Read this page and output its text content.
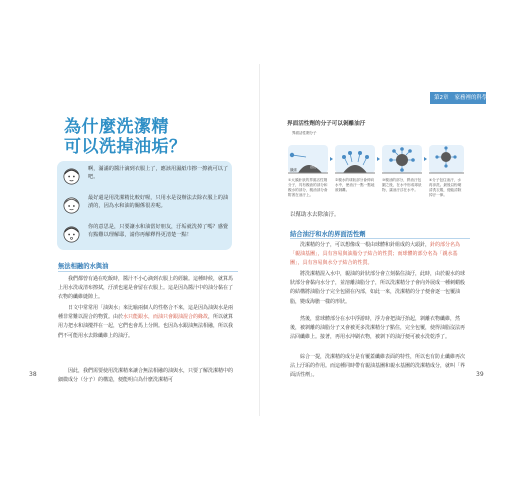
第2章 家務裡的科學
為什麼洗潔精
可以洗掉油垢？
啊，滿滿的醬汁滴到衣服上了，應該用濕紙巾擦一擦就可以了吧。
最好還是用洗潔精比較好喔，只用水是沒辦法去除衣服上的油漬的，因為水和油的關係很差呢。
你的意思是，只要讓水和油當好朋友，汙垢就洗掉了嗎？感覺有點難以理解耶，請你再解釋得更清楚一點！
無法相融的水與油
我們都曾有過在吃飯時，醬汁不小心滴到衣服上的經驗。這種時候，就算馬上用水洗或清布擦拭，汙漬也還是會留在衣服上。這是因為醬汁中的油分黏在了衣物的纖維縫隙上。
日文中常常用「油與水」來比喻兩個人的性格合不來，這是因為油與水是兩種非常難以混合的物質。由於水只能跟水，而油只會跟油混合的緣故，所以就算用力把水和油攪拌在一起，它們也會馬上分開。也因為水跟油無法相融，所以我們不可能用水去除纖維上的油汙。
因此，我們需要使用洗潔精來讓合無法相融的油與水，只要了解洗潔精中的細微成分（分子）的構造，便能明白為什麼洗潔精可
38
界面活性劑的分子可以剝離油汙
界面活性劑分子
油汙
纖維
①大頭針狀的界面活性劑分子，具有親油的部分和親水的部分，親油部分會附著在油汙上。
②親水的球狀部分會伸向水中，使油汙一點一點地被剝離。
③親油的部分，將油汙包圍之後，在水中形成球狀物，讓油汙浮在水中。
④分子包住油汙，水再沖洗。最後以粉刷清洗衣服，便能清除掉汙一律。
以幫助水去除油汙。
結合油汙和水的界面活性劑
洗潔精的分子，可以想像成一根由球體和針組成的大頭針，針的部分名為「親油基團」，具有容易與油脂分子結合的性質；而球體的部分名為「親水基團」，具有容易與水分子結合的性質。
將洗潔精混入水中，親油的針狀部分會立刻黏住油汙，此時，由於親水的球狀部分會黏向水分子，並溶離油脂分子，所以洗潔精分子會向外展成一種刺蝟般的結構將油脂分子完全包圍在內部，如此一來，洗潔精的分子便會逐一包覆油脂，變成海膽一樣的形狀。
然後，當球體部分在水中浮游時，浮力會把油汙抬起，剝離衣物纖維，然後，被剝離的油脂分子又會被更多洗潔精分子點住，完全包覆，使得油脂沒法再沾回纖維上。接著，再用水沖刷衣物，被剝下的油汙便可被水洗乾淨了。
綜合一提，洗潔精的成分是有覆蓋纖維表面的特性，所以也有防止纖維再次沾上汙垢的作用。而這種同時帶有親油基團和親水基團的洗潔精成分，就叫「界面活性劑」。	39
